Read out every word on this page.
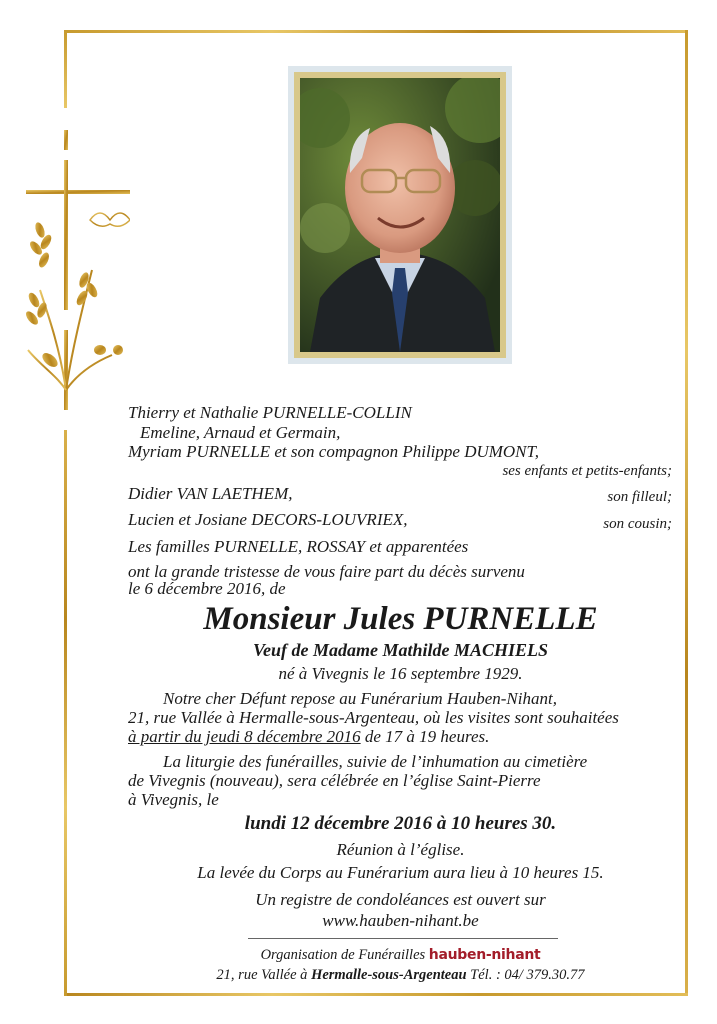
Thierry et Nathalie PURNELLE-COLLIN
Emeline, Arnaud et Germain,
Myriam PURNELLE et son compagnon Philippe DUMONT,
ses enfants et petits-enfants;
Didier VAN LAETHEM,	son filleul;
Lucien et Josiane DECORS-LOUVRIEX,	son cousin;
Les familles PURNELLE, ROSSAY et apparentées
ont la grande tristesse de vous faire part du décès survenu
le 6 décembre 2016, de
Monsieur Jules PURNELLE
Veuf de Madame Mathilde MACHIELS
né à Vivegnis le 16 septembre 1929.
Notre cher Défunt repose au Funérarium Hauben-Nihant,
21, rue Vallée à Hermalle-sous-Argenteau, où les visites sont souhaitées
à partir du jeudi 8 décembre 2016 de 17 à 19 heures.
La liturgie des funérailles, suivie de l’inhumation au cimetière
de Vivegnis (nouveau), sera célébrée en l’église Saint-Pierre
à Vivegnis, le
lundi 12 décembre 2016 à 10 heures 30.
Réunion à l’église.
La levée du Corps au Funérarium aura lieu à 10 heures 15.
Un registre de condoléances est ouvert sur
www.hauben-nihant.be
Organisation de Funérailles hauben-nihant
21, rue Vallée à Hermalle-sous-Argenteau Tél. : 04/ 379.30.77
